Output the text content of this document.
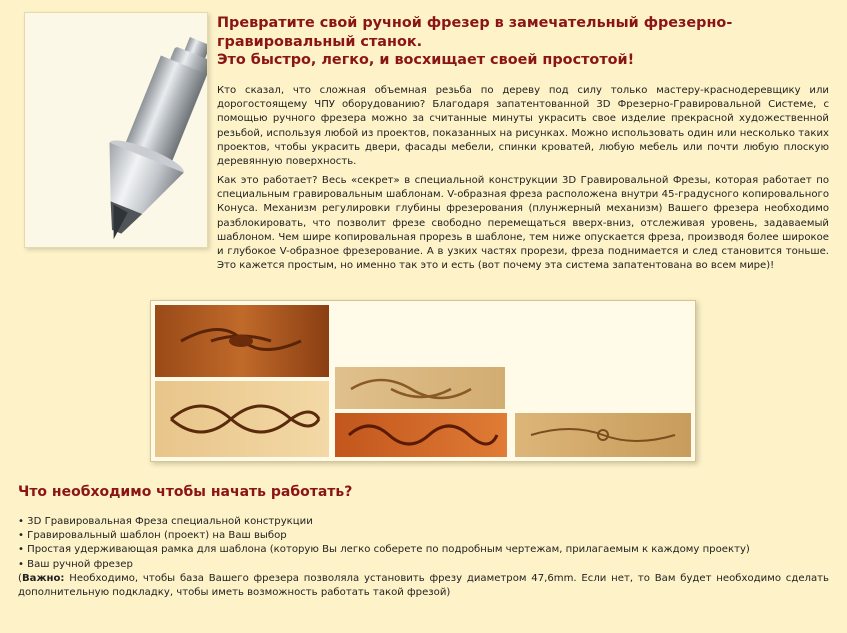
Превратите свой ручной фрезер в замечательный фрезерно-гравировальный станок.
Это быстро, легко, и восхищает своей простотой!

Кто сказал, что сложная объемная резьба по дереву под силу только мастеру-краснодеревщику или дорогостоящему ЧПУ оборудованию? Благодаря запатентованной 3D Фрезерно-Гравировальной Системе, с помощью ручного фрезера можно за считанные минуты украсить свое изделие прекрасной художественной резьбой, используя любой из проектов, показанных на рисунках. Можно использовать один или несколько таких проектов, чтобы украсить двери, фасады мебели, спинки кроватей, любую мебель или почти любую плоскую деревянную поверхность.

Как это работает? Весь «секрет» в специальной конструкции 3D Гравировальной Фрезы, которая работает по специальным гравировальным шаблонам. V-образная фреза расположена внутри 45-градусного копировального Конуса. Механизм регулировки глубины фрезерования (плунжерный механизм) Вашего фрезера необходимо разблокировать, что позволит фрезе свободно перемещаться вверх-вниз, отслеживая уровень, задаваемый шаблоном. Чем шире копировальная прорезь в шаблоне, тем ниже опускается фреза, производя более широкое и глубокое V-образное фрезерование. А в узких частях прорези, фреза поднимается и след становится тоньше. Это кажется простым, но именно так это и есть (вот почему эта система запатентована во всем мире)!

Что необходимо чтобы начать работать?
• 3D Гравировальная Фреза специальной конструкции
• Гравировальный шаблон (проект) на Ваш выбор
• Простая удерживающая рамка для шаблона (которую Вы легко соберете по подробным чертежам, прилагаемым к каждому проекту)
• Ваш ручной фрезер

(Важно: Необходимо, чтобы база Вашего фрезера позволяла установить фрезу диаметром 47,6mm. Если нет, то Вам будет необходимо сделать дополнительную подкладку, чтобы иметь возможность работать такой фрезой)
